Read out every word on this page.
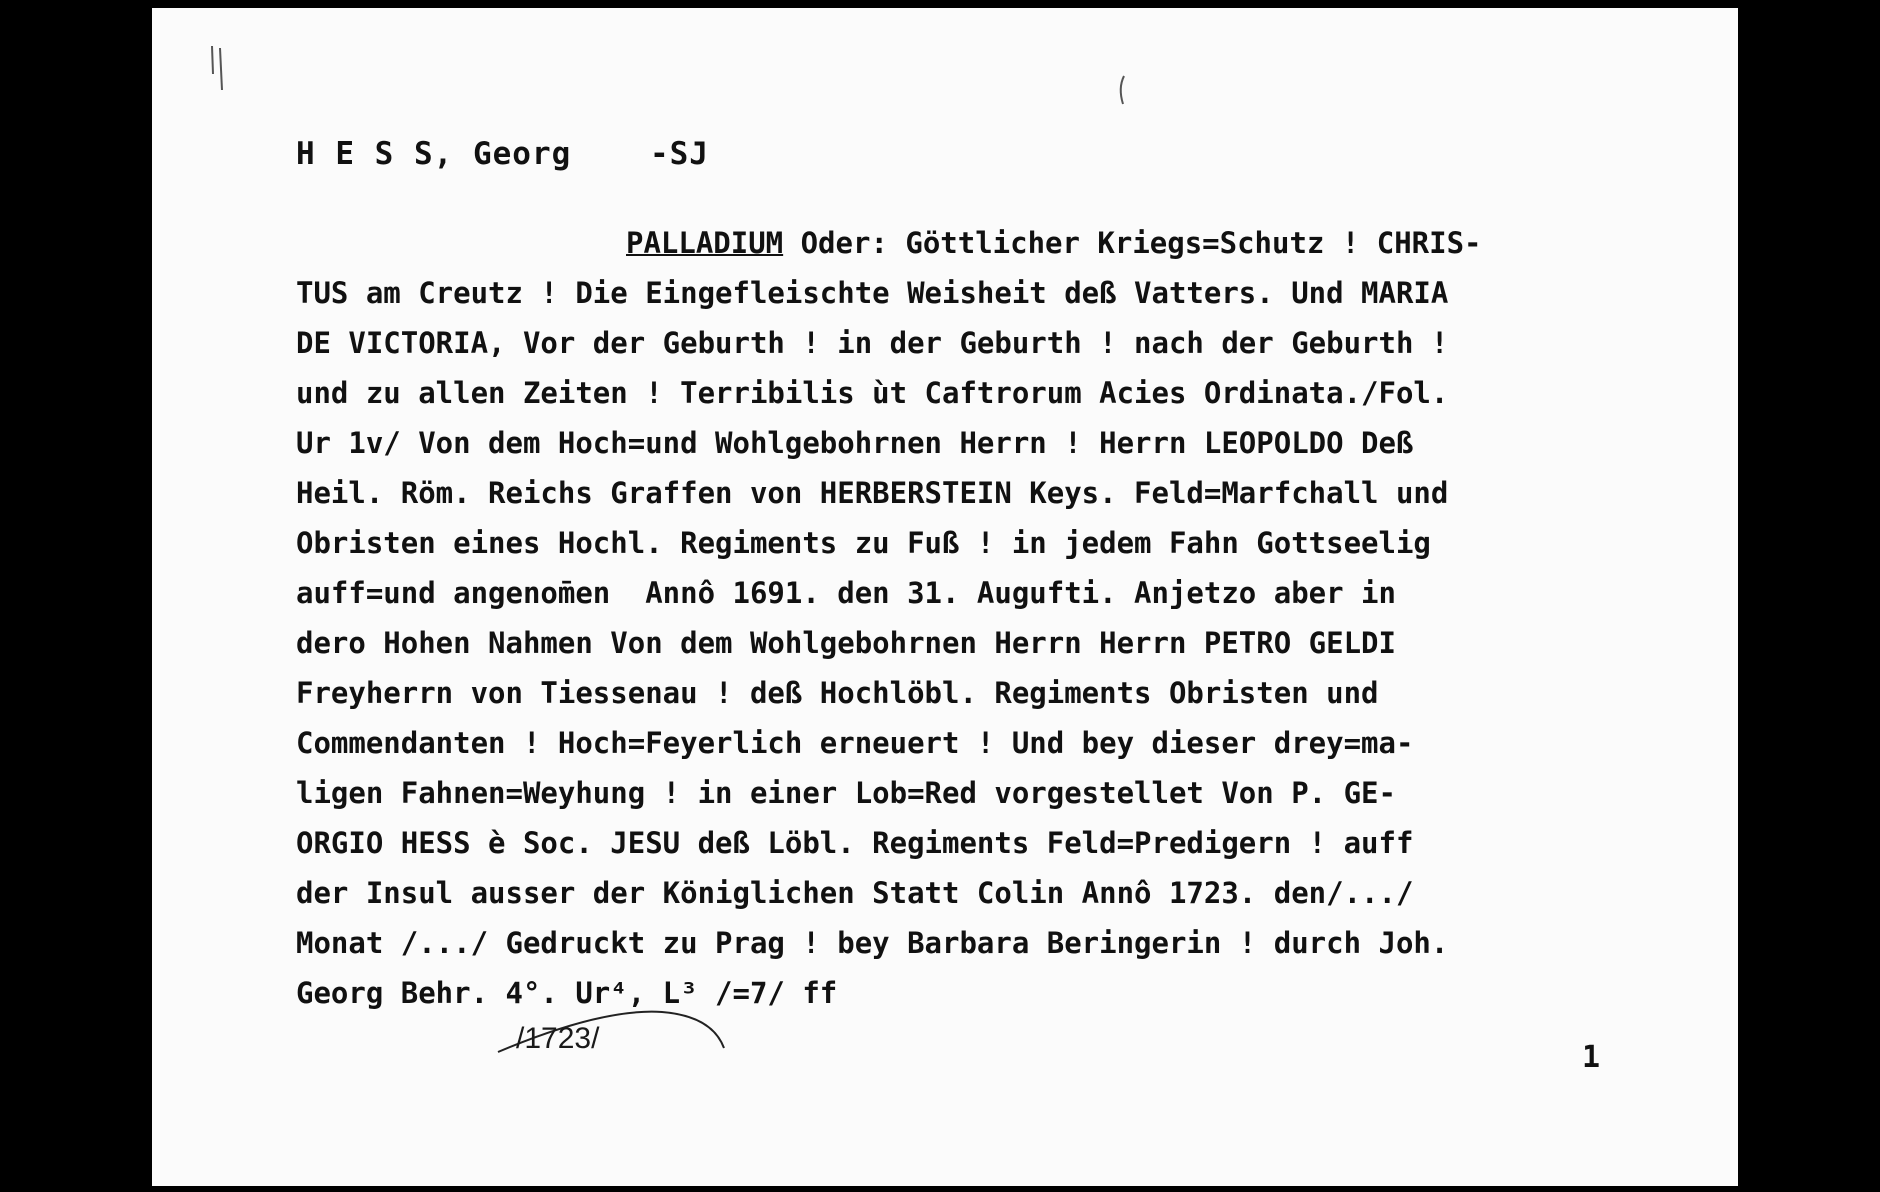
H E S S, Georg    -SJ
PALLADIUM Oder: Göttlicher Kriegs=Schutz ! CHRIS-
TUS am Creutz ! Die Eingefleischte Weisheit deß Vatters. Und MARIA
DE VICTORIA, Vor der Geburth ! in der Geburth ! nach der Geburth !
und zu allen Zeiten ! Terribilis ùt Caftrorum Acies Ordinata./Fol.
Ur 1v/ Von dem Hoch=und Wohlgebohrnen Herrn ! Herrn LEOPOLDO Deß
Heil. Röm. Reichs Graffen von HERBERSTEIN Keys. Feld=Marfchall und
Obristen eines Hochl. Regiments zu Fuß ! in jedem Fahn Gottseelig
auff=und angenom̄en  Annô 1691. den 31. Augufti. Anjetzo aber in
dero Hohen Nahmen Von dem Wohlgebohrnen Herrn Herrn PETRO GELDI
Freyherrn von Tiessenau ! deß Hochlöbl. Regiments Obristen und
Commendanten ! Hoch=Feyerlich erneuert ! Und bey dieser drey=ma-
ligen Fahnen=Weyhung ! in einer Lob=Red vorgestellet Von P. GE-
ORGIO HESS è Soc. JESU deß Löbl. Regiments Feld=Predigern ! auff
der Insul ausser der Königlichen Statt Colin Annô 1723. den/.../
Monat /.../ Gedruckt zu Prag ! bey Barbara Beringerin ! durch Joh.
Georg Behr. 4°. Ur⁴, L³ /=7/ ff
/1723/
1
